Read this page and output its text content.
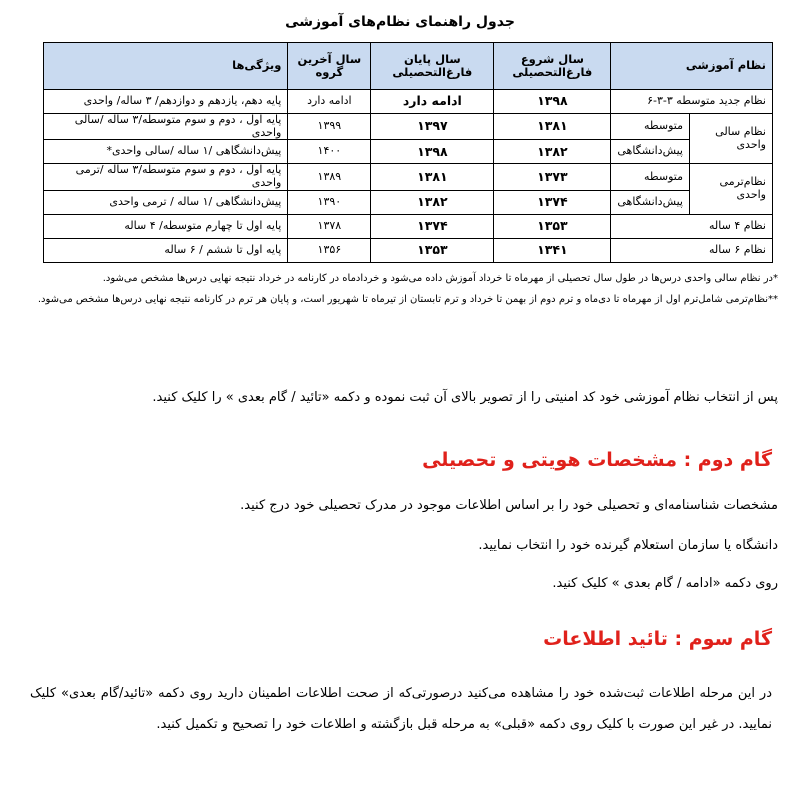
جدول راهنمای نظام‌های آموزشی
نظام آموزشی		سال شروع فارغ‌التحصیلی	سال پایان فارغ‌التحصیلی	سال آخرین گروه	ویژگی‌ها
نظام جدید متوسطه ۳-۳-۶		۱۳۹۸	ادامه دارد	ادامه دارد	پایه دهم، یازدهم و دوازدهم/ ۳ ساله/ واحدی
نظام سالی واحدی	متوسطه	۱۳۸۱	۱۳۹۷	۱۳۹۹	پایه اول ، دوم و سوم متوسطه/۳ ساله /سالی واحدی
	پیش‌دانشگاهی	۱۳۸۲	۱۳۹۸	۱۴۰۰	پیش‌دانشگاهی /۱ ساله /سالی واحدی*
نظام‌ترمی واحدی	متوسطه	۱۳۷۳	۱۳۸۱	۱۳۸۹	پایه اول ، دوم و سوم متوسطه/۳ ساله /ترمی واحدی
	پیش‌دانشگاهی	۱۳۷۴	۱۳۸۲	۱۳۹۰	پیش‌دانشگاهی /۱ ساله / ترمی واحدی
نظام ۴ ساله		۱۳۵۳	۱۳۷۴	۱۳۷۸	پایه اول تا چهارم متوسطه/ ۴ ساله
نظام ۶ ساله		۱۳۴۱	۱۳۵۳	۱۳۵۶	پایه اول تا ششم / ۶ ساله

*در نظام سالی واحدی درس‌ها در طول سال تحصیلی از مهرماه تا خرداد آموزش داده می‌شود و خردادماه در کارنامه در خرداد نتیجه نهایی درس‌ها مشخص می‌شود.

**نظام‌ترمی شامل‌ترم اول از مهرماه تا دی‌ماه و ترم دوم از بهمن تا خرداد و ترم تابستان از تیرماه تا شهریور است، و پایان هر ترم در کارنامه نتیجه نهایی درس‌ها مشخص می‌شود.

پس از انتخاب نظام آموزشی خود کد امنیتی را از تصویر بالای آن ثبت نموده و دکمه «تائید / گام بعدی » را کلیک کنید.

گام دوم : مشخصات هویتی و تحصیلی

مشخصات شناسنامه‌ای و تحصیلی خود را بر اساس اطلاعات موجود در مدرک تحصیلی خود درج کنید.

دانشگاه یا سازمان استعلام گیرنده خود را انتخاب نمایید.

روی دکمه «ادامه / گام بعدی » کلیک کنید.

گام سوم : تائید اطلاعات

در این مرحله اطلاعات ثبت‌شده خود را مشاهده می‌کنید درصورتی‌که از صحت اطلاعات اطمینان دارید روی دکمه «تائید/گام بعدی» کلیک نمایید. در غیر این صورت با کلیک روی دکمه «قبلی» به مرحله قبل بازگشته و اطلاعات خود را تصحیح و تکمیل کنید.
